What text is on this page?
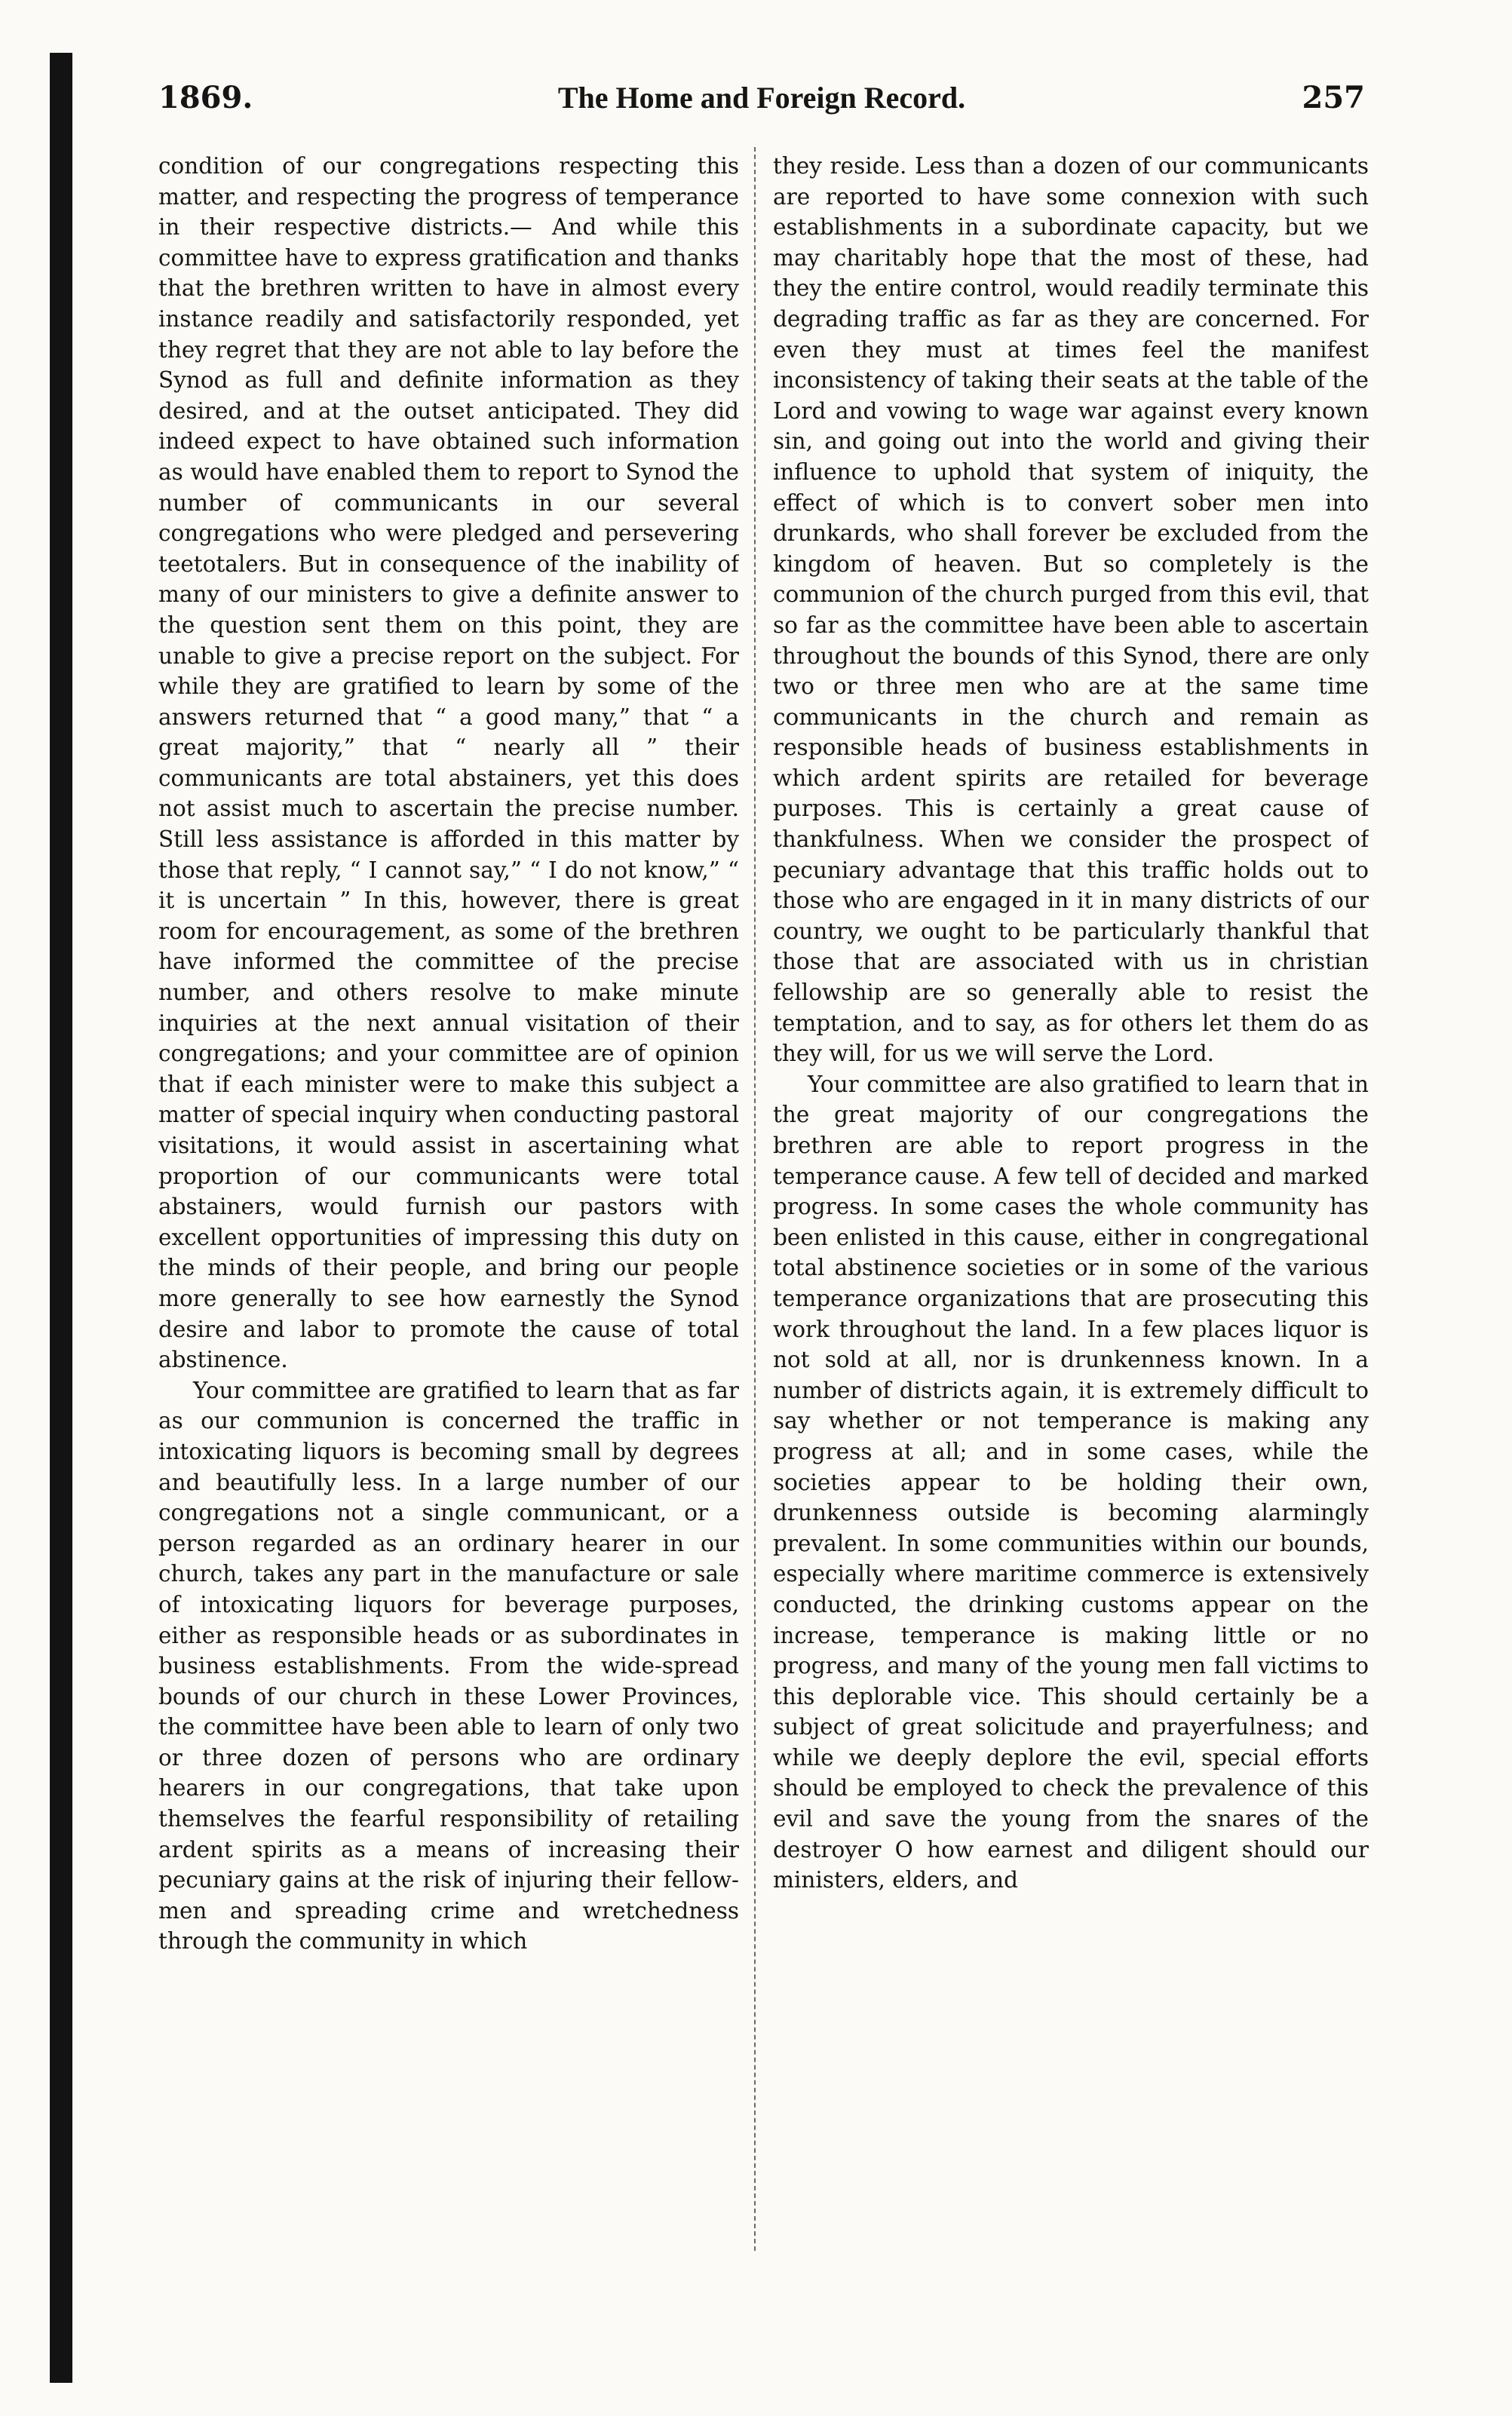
1869.	The Home and Foreign Record.	257

condition of our congregations respecting this matter, and respecting the progress of temperance in their respective districts.— And while this committee have to express gratification and thanks that the brethren written to have in almost every instance readily and satisfactorily responded, yet they regret that they are not able to lay before the Synod as full and definite information as they desired, and at the outset anticipated. They did indeed expect to have obtained such information as would have enabled them to report to Synod the number of communicants in our several congregations who were pledged and persevering teetotalers. But in consequence of the inability of many of our ministers to give a definite answer to the question sent them on this point, they are unable to give a precise report on the subject. For while they are gratified to learn by some of the answers returned that “ a good many,” that “ a great majority,” that “ nearly all ” their communicants are total abstainers, yet this does not assist much to ascertain the precise number. Still less assistance is afforded in this matter by those that reply, “ I cannot say,” “ I do not know,” “ it is uncertain ” In this, however, there is great room for encouragement, as some of the brethren have informed the committee of the precise number, and others resolve to make minute inquiries at the next annual visitation of their congregations; and your committee are of opinion that if each minister were to make this subject a matter of special inquiry when conducting pastoral visitations, it would assist in ascertaining what proportion of our communicants were total abstainers, would furnish our pastors with excellent opportunities of impressing this duty on the minds of their people, and bring our people more generally to see how earnestly the Synod desire and labor to promote the cause of total abstinence.

Your committee are gratified to learn that as far as our communion is concerned the traffic in intoxicating liquors is becoming small by degrees and beautifully less. In a large number of our congregations not a single communicant, or a person regarded as an ordinary hearer in our church, takes any part in the manufacture or sale of intoxicating liquors for beverage purposes, either as responsible heads or as subordinates in business establishments. From the wide-spread bounds of our church in these Lower Provinces, the committee have been able to learn of only two or three dozen of persons who are ordinary hearers in our congregations, that take upon themselves the fearful responsibility of retailing ardent spirits as a means of increasing their pecuniary gains at the risk of injuring their fellow-men and spreading crime and wretchedness through the community in which

they reside. Less than a dozen of our communicants are reported to have some connexion with such establishments in a subordinate capacity, but we may charitably hope that the most of these, had they the entire control, would readily terminate this degrading traffic as far as they are concerned. For even they must at times feel the manifest inconsistency of taking their seats at the table of the Lord and vowing to wage war against every known sin, and going out into the world and giving their influence to uphold that system of iniquity, the effect of which is to convert sober men into drunkards, who shall forever be excluded from the kingdom of heaven. But so completely is the communion of the church purged from this evil, that so far as the committee have been able to ascertain throughout the bounds of this Synod, there are only two or three men who are at the same time communicants in the church and remain as responsible heads of business establishments in which ardent spirits are retailed for beverage purposes. This is certainly a great cause of thankfulness. When we consider the prospect of pecuniary advantage that this traffic holds out to those who are engaged in it in many districts of our country, we ought to be particularly thankful that those that are associated with us in christian fellowship are so generally able to resist the temptation, and to say, as for others let them do as they will, for us we will serve the Lord.

Your committee are also gratified to learn that in the great majority of our congregations the brethren are able to report progress in the temperance cause. A few tell of decided and marked progress. In some cases the whole community has been enlisted in this cause, either in congregational total abstinence societies or in some of the various temperance organizations that are prosecuting this work throughout the land. In a few places liquor is not sold at all, nor is drunkenness known. In a number of districts again, it is extremely difficult to say whether or not temperance is making any progress at all; and in some cases, while the societies appear to be holding their own, drunkenness outside is becoming alarmingly prevalent. In some communities within our bounds, especially where maritime commerce is extensively conducted, the drinking customs appear on the increase, temperance is making little or no progress, and many of the young men fall victims to this deplorable vice. This should certainly be a subject of great solicitude and prayerfulness; and while we deeply deplore the evil, special efforts should be employed to check the prevalence of this evil and save the young from the snares of the destroyer O how earnest and diligent should our ministers, elders, and
